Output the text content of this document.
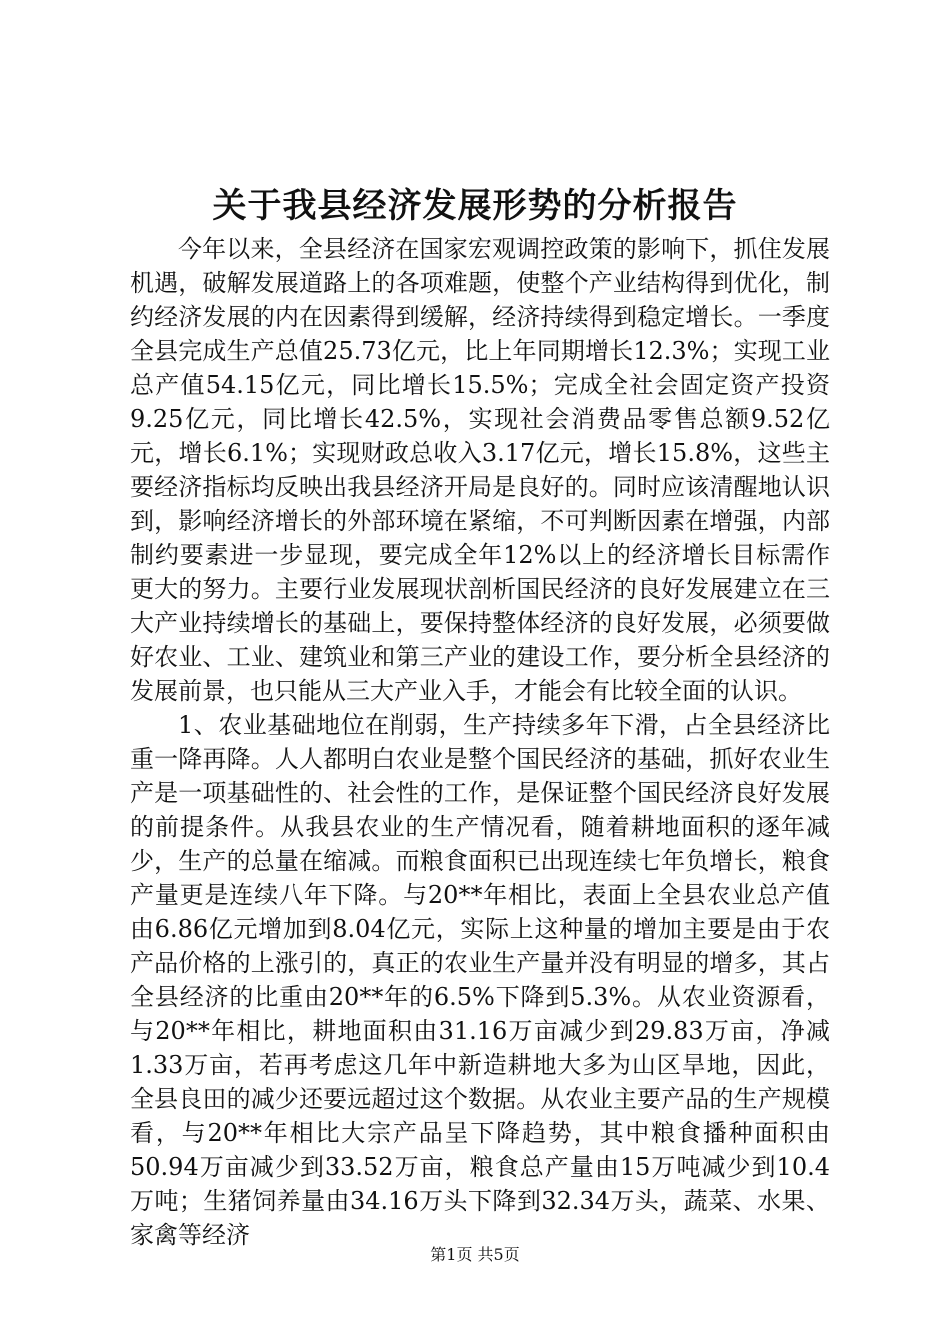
关于我县经济发展形势的分析报告

今年以来，全县经济在国家宏观调控政策的影响下，抓住发展机遇，破解发展道路上的各项难题，使整个产业结构得到优化，制约经济发展的内在因素得到缓解，经济持续得到稳定增长。一季度全县完成生产总值25.73亿元，比上年同期增长12.3%；实现工业总产值54.15亿元，同比增长15.5%；完成全社会固定资产投资9.25亿元，同比增长42.5%，实现社会消费品零售总额9.52亿元，增长6.1%；实现财政总收入3.17亿元，增长15.8%，这些主要经济指标均反映出我县经济开局是良好的。同时应该清醒地认识到，影响经济增长的外部环境在紧缩，不可判断因素在增强，内部制约要素进一步显现，要完成全年12%以上的经济增长目标需作更大的努力。主要行业发展现状剖析国民经济的良好发展建立在三大产业持续增长的基础上，要保持整体经济的良好发展，必须要做好农业、工业、建筑业和第三产业的建设工作，要分析全县经济的发展前景，也只能从三大产业入手，才能会有比较全面的认识。

1、农业基础地位在削弱，生产持续多年下滑，占全县经济比重一降再降。人人都明白农业是整个国民经济的基础，抓好农业生产是一项基础性的、社会性的工作，是保证整个国民经济良好发展的前提条件。从我县农业的生产情况看，随着耕地面积的逐年减少，生产的总量在缩减。而粮食面积已出现连续七年负增长，粮食产量更是连续八年下降。与20**年相比，表面上全县农业总产值由6.86亿元增加到8.04亿元，实际上这种量的增加主要是由于农产品价格的上涨引的，真正的农业生产量并没有明显的增多，其占全县经济的比重由20**年的6.5%下降到5.3%。从农业资源看，与20**年相比，耕地面积由31.16万亩减少到29.83万亩，净减1.33万亩，若再考虑这几年中新造耕地大多为山区旱地，因此，全县良田的减少还要远超过这个数据。从农业主要产品的生产规模看，与20**年相比大宗产品呈下降趋势，其中粮食播种面积由50.94万亩减少到33.52万亩，粮食总产量由15万吨减少到10.4万吨；生猪饲养量由34.16万头下降到32.34万头，蔬菜、水果、家禽等经济

第1页 共5页
